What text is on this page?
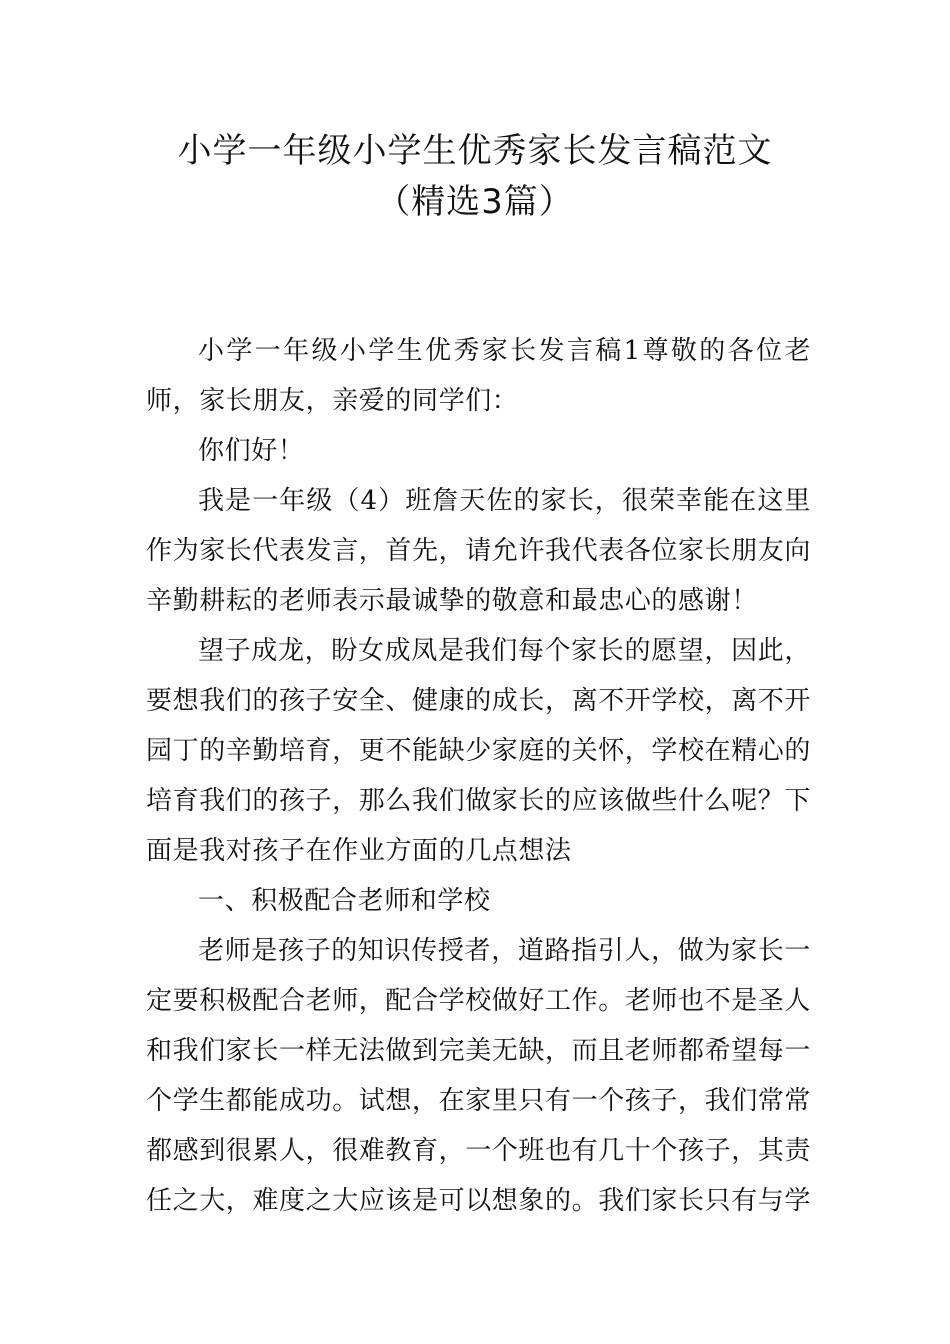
小学一年级小学生优秀家长发言稿范文
（精选3篇）

小学一年级小学生优秀家长发言稿1尊敬的各位老师，家长朋友，亲爱的同学们：

你们好！

我是一年级（4）班詹天佐的家长，很荣幸能在这里作为家长代表发言，首先，请允许我代表各位家长朋友向辛勤耕耘的老师表示最诚挚的敬意和最忠心的感谢！

望子成龙，盼女成凤是我们每个家长的愿望，因此，要想我们的孩子安全、健康的成长，离不开学校，离不开园丁的辛勤培育，更不能缺少家庭的关怀，学校在精心的培育我们的孩子，那么我们做家长的应该做些什么呢？下面是我对孩子在作业方面的几点想法

一、积极配合老师和学校

老师是孩子的知识传授者，道路指引人，做为家长一定要积极配合老师，配合学校做好工作。老师也不是圣人和我们家长一样无法做到完美无缺，而且老师都希望每一个学生都能成功。试想，在家里只有一个孩子，我们常常都感到很累人，很难教育，一个班也有几十个孩子，其责任之大，难度之大应该是可以想象的。我们家长只有与学
